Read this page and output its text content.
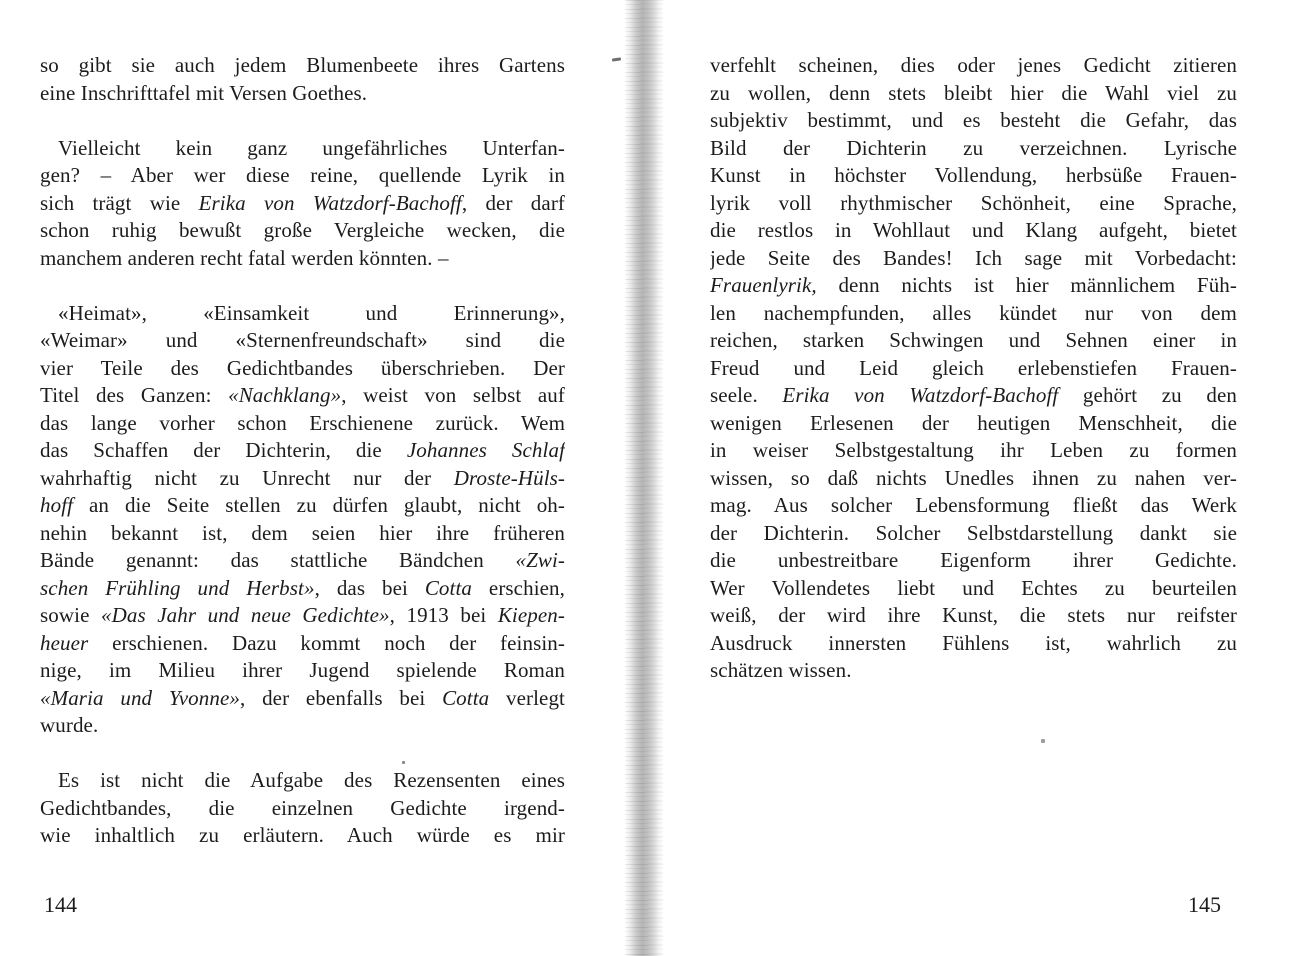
so gibt sie auch jedem Blumenbeete ihres Gartens
eine Inschrifttafel mit Versen Goethes.
Vielleicht kein ganz ungefährliches Unterfan-
gen? – Aber wer diese reine, quellende Lyrik in
sich trägt wie Erika von Watzdorf-Bachoff, der darf
schon ruhig bewußt große Vergleiche wecken, die
manchem anderen recht fatal werden könnten. –
«Heimat», «Einsamkeit und Erinnerung»,
«Weimar» und «Sternenfreundschaft» sind die
vier Teile des Gedichtbandes überschrieben. Der
Titel des Ganzen: «Nachklang», weist von selbst auf
das lange vorher schon Erschienene zurück. Wem
das Schaffen der Dichterin, die Johannes Schlaf
wahrhaftig nicht zu Unrecht nur der Droste-Hüls-
hoff an die Seite stellen zu dürfen glaubt, nicht oh-
nehin bekannt ist, dem seien hier ihre früheren
Bände genannt: das stattliche Bändchen «Zwi-
schen Frühling und Herbst», das bei Cotta erschien,
sowie «Das Jahr und neue Gedichte», 1913 bei Kiepen-
heuer erschienen. Dazu kommt noch der feinsin-
nige, im Milieu ihrer Jugend spielende Roman
«Maria und Yvonne», der ebenfalls bei Cotta verlegt
wurde.
Es ist nicht die Aufgabe des Rezensenten eines
Gedichtbandes, die einzelnen Gedichte irgend-
wie inhaltlich zu erläutern. Auch würde es mir
verfehlt scheinen, dies oder jenes Gedicht zitieren
zu wollen, denn stets bleibt hier die Wahl viel zu
subjektiv bestimmt, und es besteht die Gefahr, das
Bild der Dichterin zu verzeichnen. Lyrische
Kunst in höchster Vollendung, herbsüße Frauen-
lyrik voll rhythmischer Schönheit, eine Sprache,
die restlos in Wohllaut und Klang aufgeht, bietet
jede Seite des Bandes! Ich sage mit Vorbedacht:
Frauenlyrik, denn nichts ist hier männlichem Füh-
len nachempfunden, alles kündet nur von dem
reichen, starken Schwingen und Sehnen einer in
Freud und Leid gleich erlebenstiefen Frauen-
seele. Erika von Watzdorf-Bachoff gehört zu den
wenigen Erlesenen der heutigen Menschheit, die
in weiser Selbstgestaltung ihr Leben zu formen
wissen, so daß nichts Unedles ihnen zu nahen ver-
mag. Aus solcher Lebensformung fließt das Werk
der Dichterin. Solcher Selbstdarstellung dankt sie
die unbestreitbare Eigenform ihrer Gedichte.
Wer Vollendetes liebt und Echtes zu beurteilen
weiß, der wird ihre Kunst, die stets nur reifster
Ausdruck innersten Fühlens ist, wahrlich zu
schätzen wissen.
144	145
